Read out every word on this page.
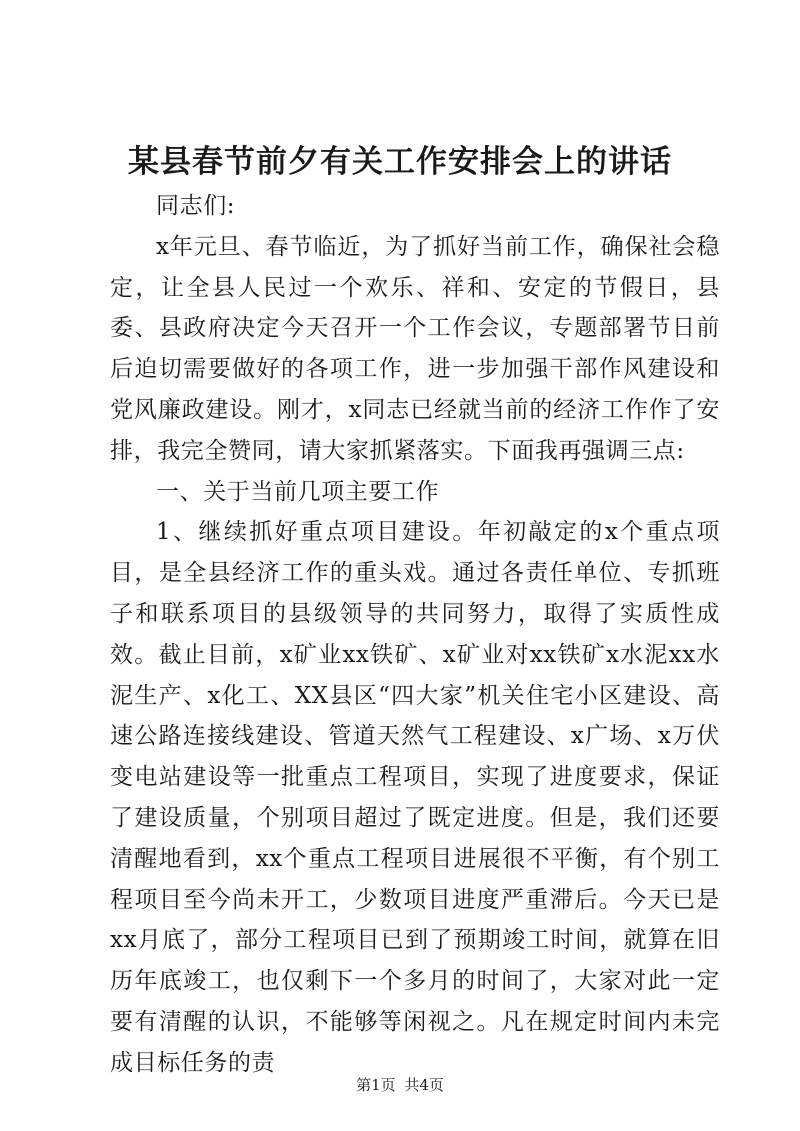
某县春节前夕有关工作安排会上的讲话

同志们:

x年元旦、春节临近，为了抓好当前工作，确保社会稳定，让全县人民过一个欢乐、祥和、安定的节假日，县委、县政府决定今天召开一个工作会议，专题部署节日前后迫切需要做好的各项工作，进一步加强干部作风建设和党风廉政建设。刚才，x同志已经就当前的经济工作作了安排，我完全赞同，请大家抓紧落实。下面我再强调三点:

一、关于当前几项主要工作

1、继续抓好重点项目建设。年初敲定的x个重点项目，是全县经济工作的重头戏。通过各责任单位、专抓班子和联系项目的县级领导的共同努力，取得了实质性成效。截止目前，x矿业xx铁矿、x矿业对xx铁矿x水泥xx水泥生产、x化工、XX县区“四大家”机关住宅小区建设、高速公路连接线建设、管道天然气工程建设、x广场、x万伏变电站建设等一批重点工程项目，实现了进度要求，保证了建设质量，个别项目超过了既定进度。但是，我们还要清醒地看到，xx个重点工程项目进展很不平衡，有个别工程项目至今尚未开工，少数项目进度严重滞后。今天已是xx月底了，部分工程项目已到了预期竣工时间，就算在旧历年底竣工，也仅剩下一个多月的时间了，大家对此一定要有清醒的认识，不能够等闲视之。凡在规定时间内未完成目标任务的责

第1页 共4页
